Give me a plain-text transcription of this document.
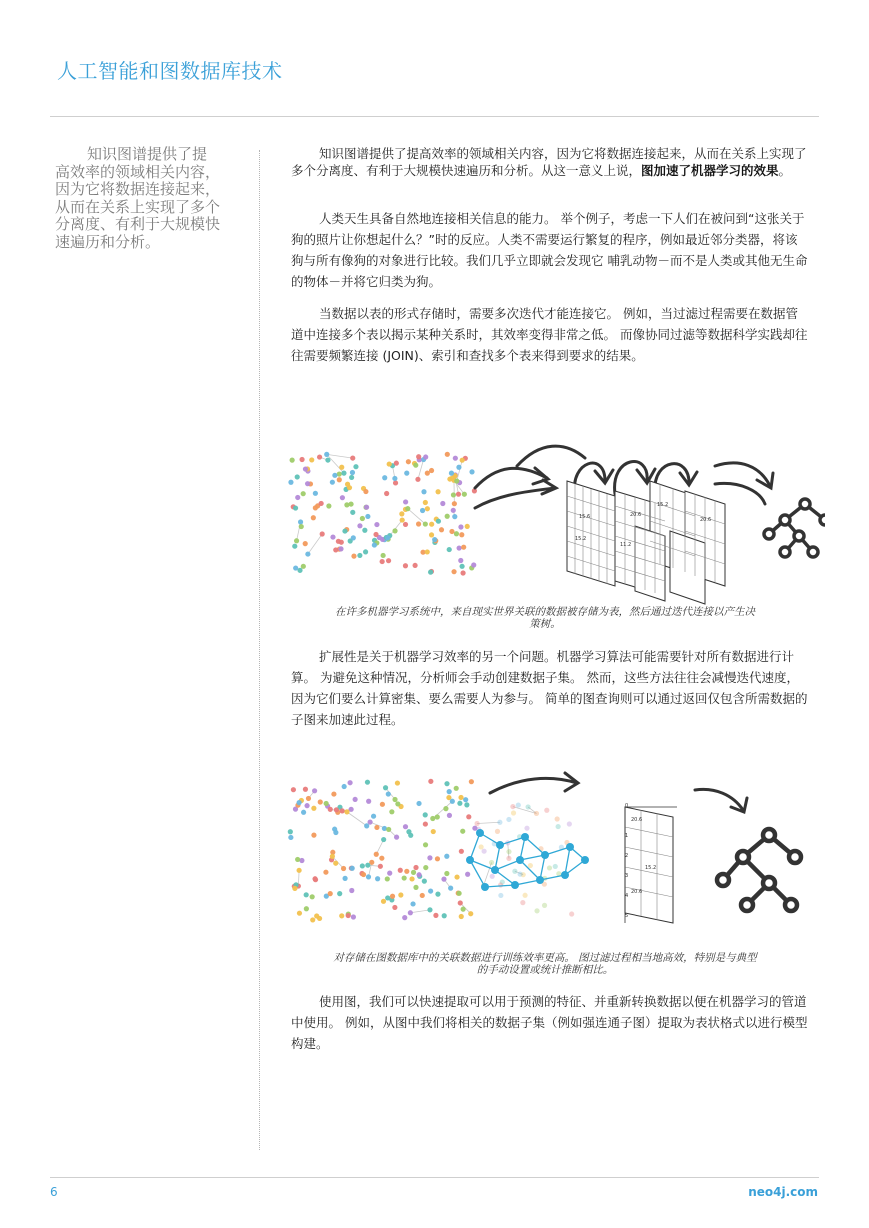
人工智能和图数据库技术
知识图谱提供了提高效率的领域相关内容，因为它将数据连接起来，从而在关系上实现了多个分离度、有利于大规模快速遍历和分析。

知识图谱提供了提高效率的领域相关内容，因为它将数据连接起来，从而在关系上实现了多个分离度、有利于大规模快速遍历和分析。从这一意义上说，图加速了机器学习的效果。

人类天生具备自然地连接相关信息的能力。 举个例子，考虑一下人们在被问到“这张关于狗的照片让你想起什么？”时的反应。人类不需要运行繁复的程序，例如最近邻分类器，将该狗与所有像狗的对象进行比较。我们几乎立即就会发现它 哺乳动物－而不是人类或其他无生命的物体－并将它归类为狗。

当数据以表的形式存储时，需要多次迭代才能连接它。 例如，当过滤过程需要在数据管道中连接多个表以揭示某种关系时，其效率变得非常之低。 而像协同过滤等数据科学实践却往往需要频繁连接 (JOIN)、索引和查找多个表来得到要求的结果。

15.6
15.2
20.6
11.2
20.6
15.2
在许多机器学习系统中，来自现实世界关联的数据被存储为表，然后通过迭代连接以产生决策树。

扩展性是关于机器学习效率的另一个问题。机器学习算法可能需要针对所有数据进行计算。 为避免这种情况，分析师会手动创建数据子集。 然而，这些方法往往会减慢迭代速度，因为它们要么计算密集、要么需要人为参与。 简单的图查询则可以通过返回仅包含所需数据的子图来加速此过程。

0
1
2
3
4
5
20.6
15.2
20.6
对存储在图数据库中的关联数据进行训练效率更高。 图过滤过程相当地高效，特别是与典型的手动设置或统计推断相比。

使用图，我们可以快速提取可以用于预测的特征、并重新转换数据以便在机器学习的管道中使用。 例如，从图中我们将相关的数据子集（例如强连通子图）提取为表状格式以进行模型构建。

6	neo4j.com
